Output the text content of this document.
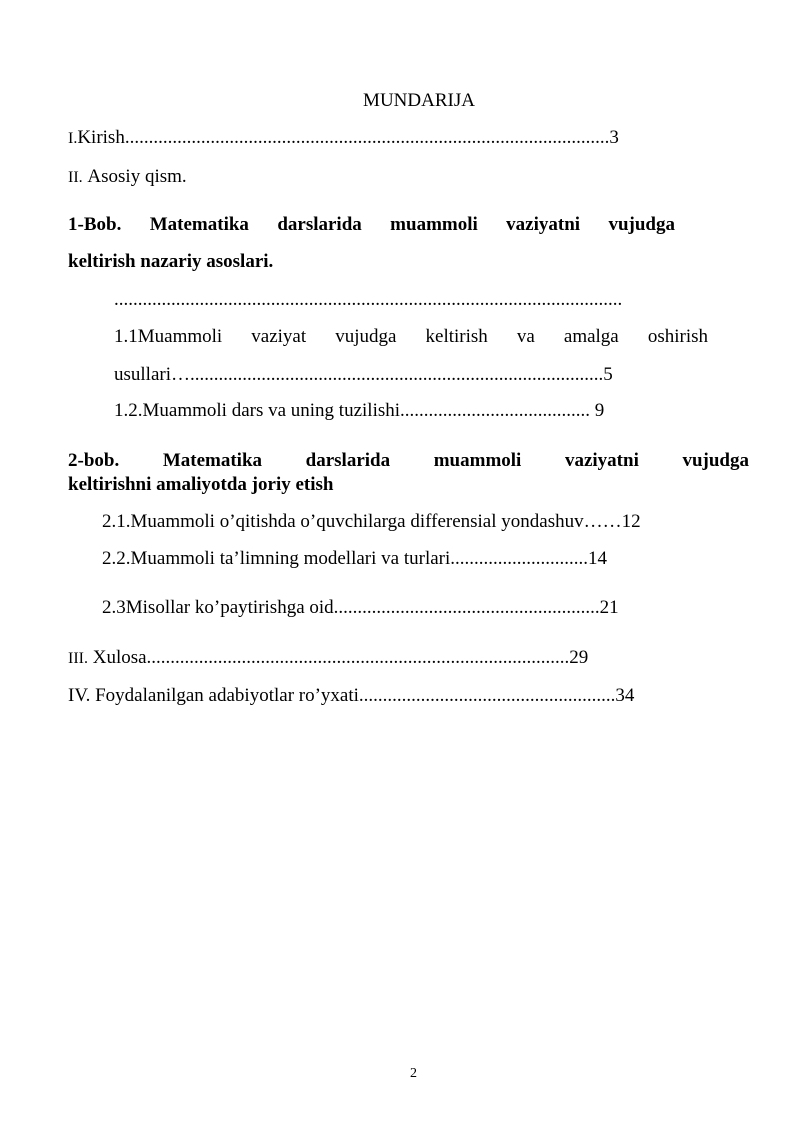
MUNDARIJA
I.Kirish......................................................................................................3
II. Asosiy qism.
1-Bob. Matematika darslarida muammoli vaziyatni vujudga
keltirish nazariy asoslari.
...........................................................................................................
1.1Muammoli vaziyat vujudga keltirish va amalga oshirish
usullari….......................................................................................5
1.2.Muammoli dars va uning tuzilishi........................................ 9
2-bob. Matematika darslarida muammoli vaziyatni vujudga
keltirishni amaliyotda joriy etish
2.1.Muammoli o’qitishda o’quvchilarga differensial yondashuv……12
2.2.Muammoli ta’limning modellari va turlari.............................14
2.3Misollar ko’paytirishga oid........................................................21
III. Xulosa.........................................................................................29
IV. Foydalanilgan adabiyotlar ro’yxati......................................................34
2
